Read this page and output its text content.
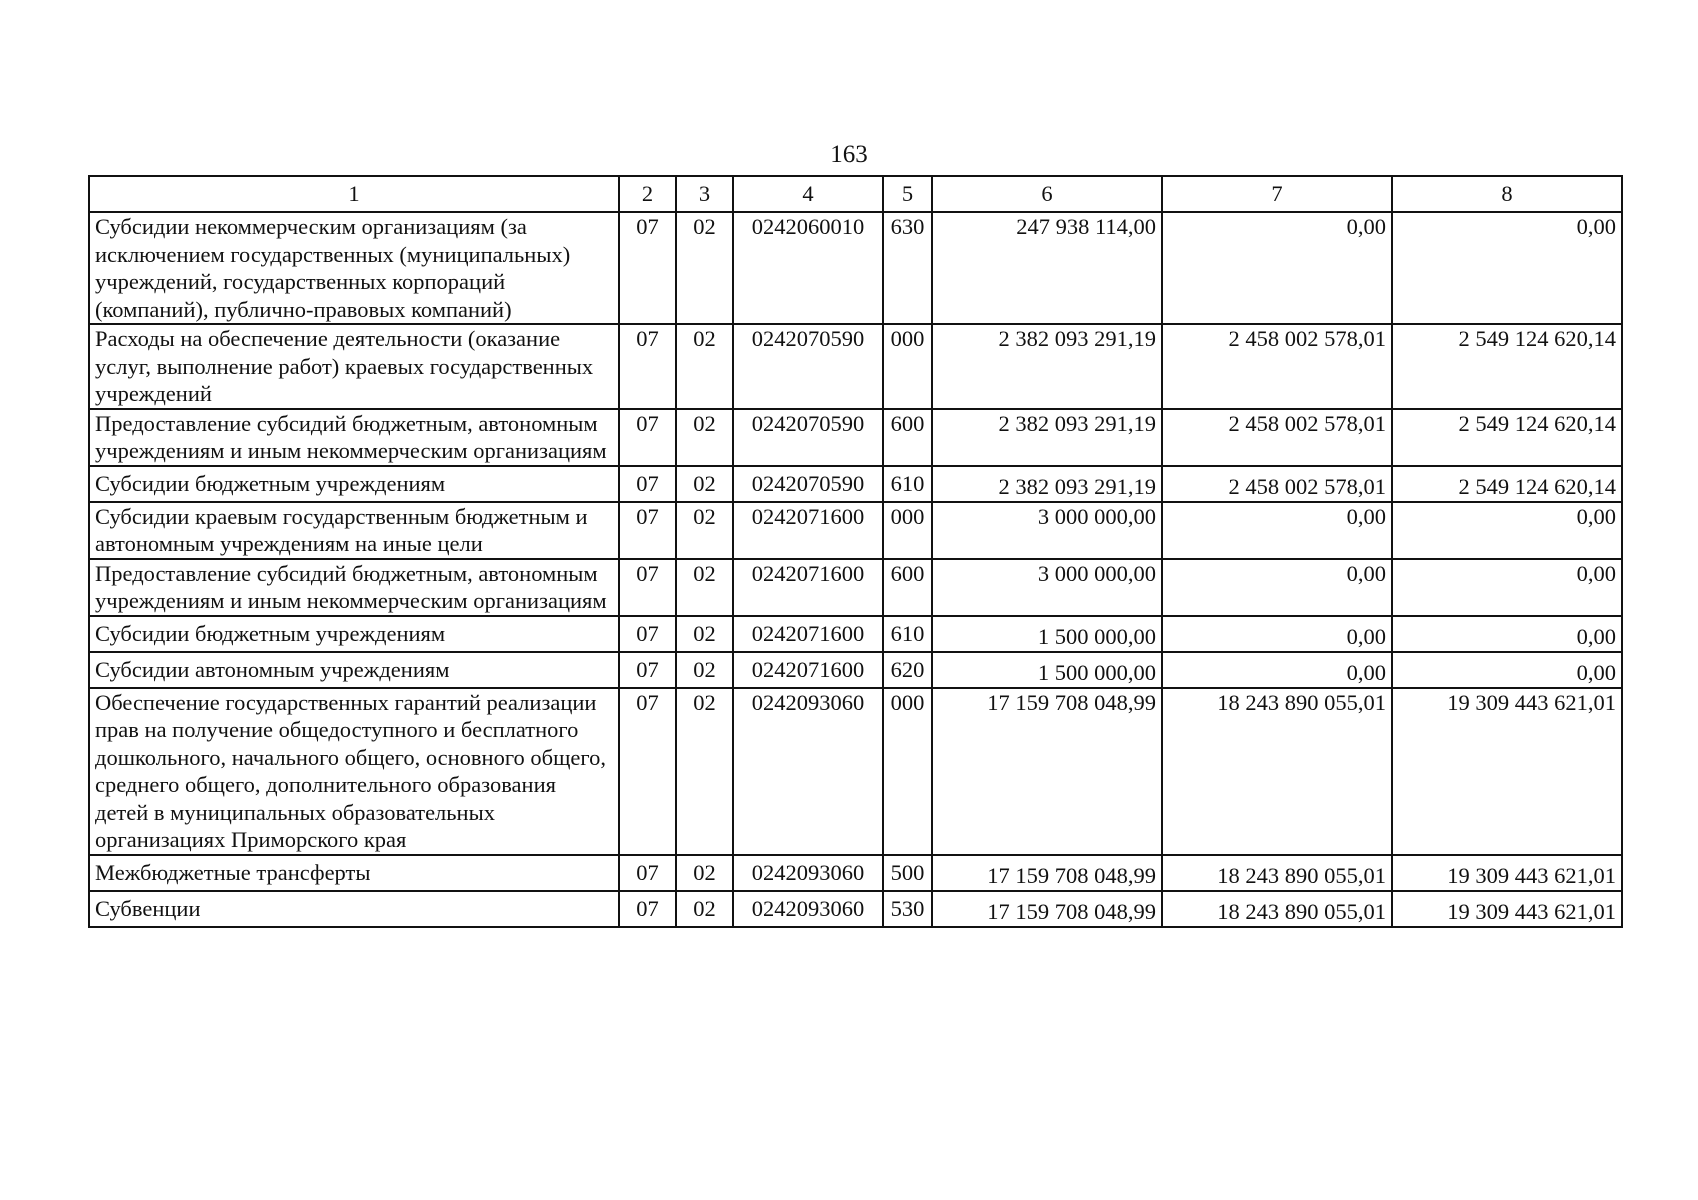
163
1	2	3	4	5	6	7	8
Субсидии некоммерческим организациям (за исключением государственных (муниципальных) учреждений, государственных корпораций (компаний), публично-правовых компаний)	07	02	0242060010	630	247 938 114,00	0,00	0,00
Расходы на обеспечение деятельности (оказание услуг, выполнение работ) краевых государственных учреждений	07	02	0242070590	000	2 382 093 291,19	2 458 002 578,01	2 549 124 620,14
Предоставление субсидий бюджетным, автономным учреждениям и иным некоммерческим организациям	07	02	0242070590	600	2 382 093 291,19	2 458 002 578,01	2 549 124 620,14
Субсидии бюджетным учреждениям	07	02	0242070590	610	2 382 093 291,19	2 458 002 578,01	2 549 124 620,14
Субсидии краевым государственным бюджетным и автономным учреждениям на иные цели	07	02	0242071600	000	3 000 000,00	0,00	0,00
Предоставление субсидий бюджетным, автономным учреждениям и иным некоммерческим организациям	07	02	0242071600	600	3 000 000,00	0,00	0,00
Субсидии бюджетным учреждениям	07	02	0242071600	610	1 500 000,00	0,00	0,00
Субсидии автономным учреждениям	07	02	0242071600	620	1 500 000,00	0,00	0,00
Обеспечение государственных гарантий реализации прав на получение общедоступного и бесплатного дошкольного, начального общего, основного общего, среднего общего, дополнительного образования детей в муниципальных образовательных организациях Приморского края	07	02	0242093060	000	17 159 708 048,99	18 243 890 055,01	19 309 443 621,01
Межбюджетные трансферты	07	02	0242093060	500	17 159 708 048,99	18 243 890 055,01	19 309 443 621,01
Субвенции	07	02	0242093060	530	17 159 708 048,99	18 243 890 055,01	19 309 443 621,01
